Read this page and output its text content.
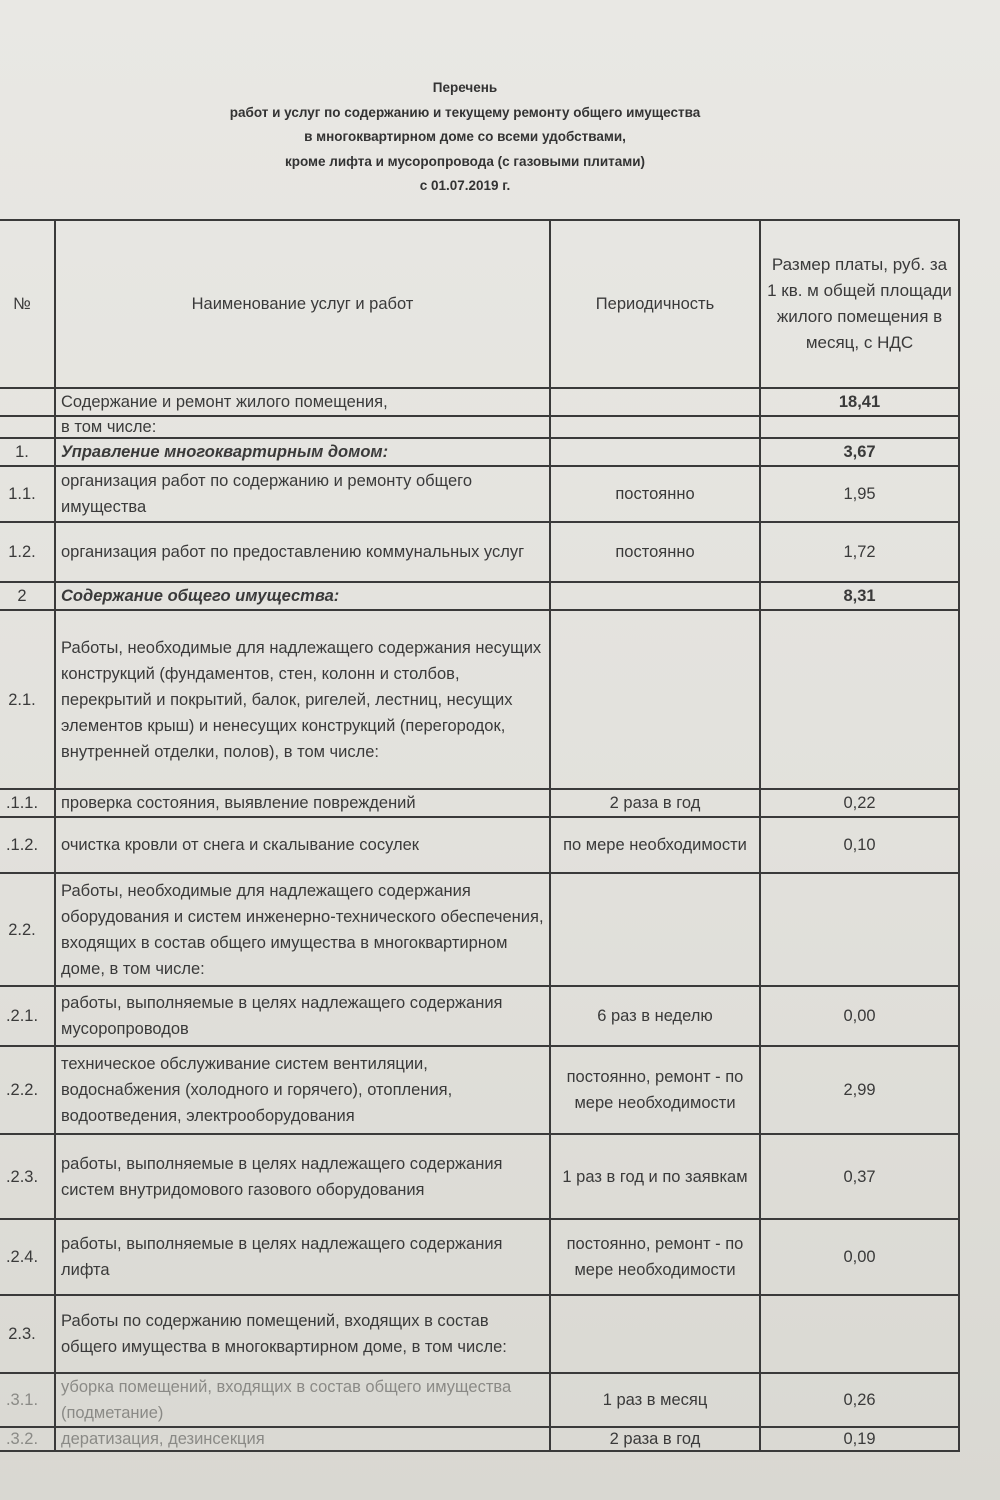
Перечень
работ и услуг по содержанию и текущему ремонту общего имущества
в многоквартирном доме со всеми удобствами,
кроме лифта и мусоропровода (с газовыми плитами)
с 01.07.2019 г.
№	Наименование услуг и работ	Периодичность	Размер платы, руб. за 1 кв. м общей площади жилого помещения в месяц, с НДС
	Содержание и ремонт жилого помещения,		18,41
	в том числе:		
1.	Управление многоквартирным домом:		3,67
1.1.	организация работ по содержанию и ремонту общего имущества	постоянно	1,95
1.2.	организация работ по предоставлению коммунальных услуг	постоянно	1,72
2	Содержание общего имущества:		8,31
2.1.	Работы, необходимые для надлежащего содержания несущих конструкций (фундаментов, стен, колонн и столбов, перекрытий и покрытий, балок, ригелей, лестниц, несущих элементов крыш) и ненесущих конструкций (перегородок, внутренней отделки, полов), в том числе:		
.1.1.	проверка состояния, выявление повреждений	2 раза в год	0,22
.1.2.	очистка кровли от снега и скалывание сосулек	по мере необходимости	0,10
2.2.	Работы, необходимые для надлежащего содержания оборудования и систем инженерно-технического обеспечения, входящих в состав общего имущества в многоквартирном доме, в том числе:		
.2.1.	работы, выполняемые в целях надлежащего содержания мусоропроводов	6 раз в неделю	0,00
.2.2.	техническое обслуживание систем вентиляции, водоснабжения (холодного и горячего), отопления, водоотведения, электрооборудования	постоянно, ремонт - по мере необходимости	2,99
.2.3.	работы, выполняемые в целях надлежащего содержания систем внутридомового газового оборудования	1 раз в год и по заявкам	0,37
.2.4.	работы, выполняемые в целях надлежащего содержания лифта	постоянно, ремонт - по мере необходимости	0,00
2.3.	Работы по содержанию помещений, входящих в состав общего имущества в многоквартирном доме, в том числе:		
.3.1.	уборка помещений, входящих в состав общего имущества (подметание)	1 раз в месяц	0,26
.3.2.	дератизация, дезинсекция	2 раза в год	0,19
